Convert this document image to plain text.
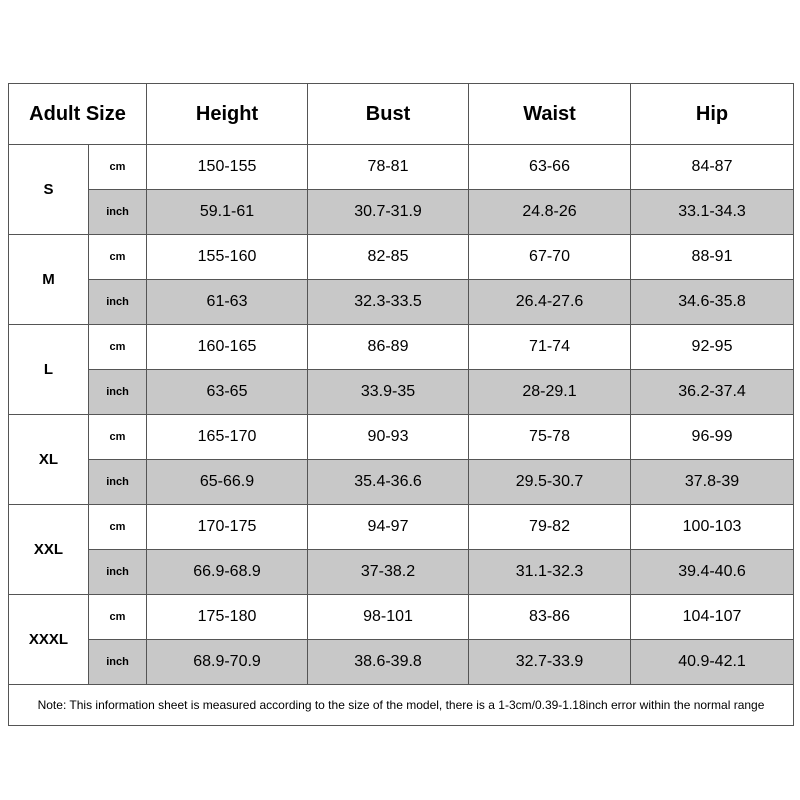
Adult Size		Height	Bust	Waist	Hip
S	cm	150-155	78-81	63-66	84-87
	inch	59.1-61	30.7-31.9	24.8-26	33.1-34.3
M	cm	155-160	82-85	67-70	88-91
	inch	61-63	32.3-33.5	26.4-27.6	34.6-35.8
L	cm	160-165	86-89	71-74	92-95
	inch	63-65	33.9-35	28-29.1	36.2-37.4
XL	cm	165-170	90-93	75-78	96-99
	inch	65-66.9	35.4-36.6	29.5-30.7	37.8-39
XXL	cm	170-175	94-97	79-82	100-103
	inch	66.9-68.9	37-38.2	31.1-32.3	39.4-40.6
XXXL	cm	175-180	98-101	83-86	104-107
	inch	68.9-70.9	38.6-39.8	32.7-33.9	40.9-42.1
Note: This information sheet is measured according to the size of the model, there is a 1-3cm/0.39-1.18inch error within the normal range					
